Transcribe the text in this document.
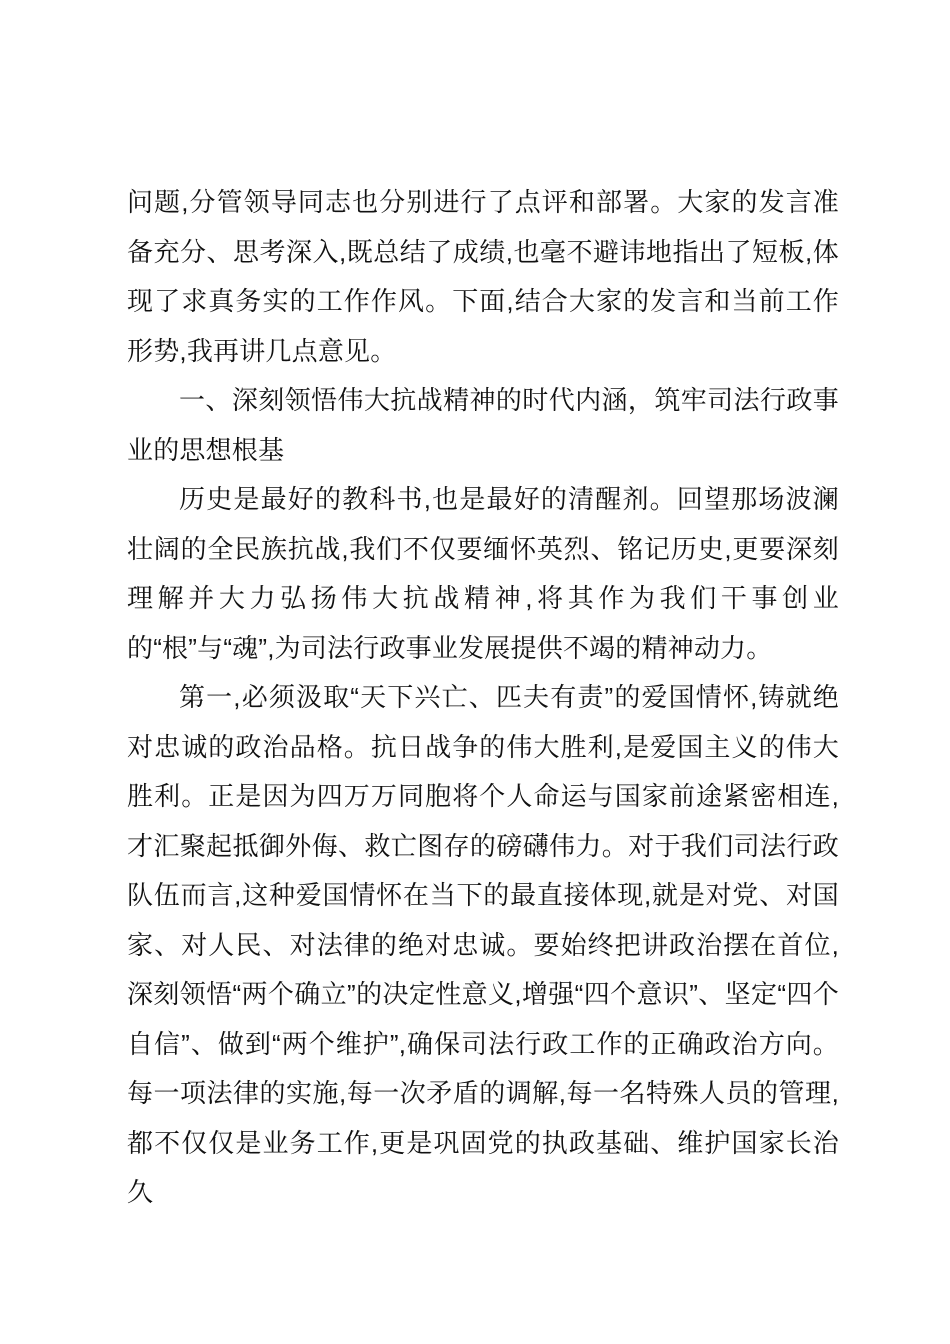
问题,分管领导同志也分别进行了点评和部署。大家的发言准备充分、思考深入,既总结了成绩,也毫不避讳地指出了短板,体现了求真务实的工作作风。下面,结合大家的发言和当前工作形势,我再讲几点意见。

一、深刻领悟伟大抗战精神的时代内涵，筑牢司法行政事业的思想根基

历史是最好的教科书,也是最好的清醒剂。回望那场波澜壮阔的全民族抗战,我们不仅要缅怀英烈、铭记历史,更要深刻理解并大力弘扬伟大抗战精神,将其作为我们干事创业的“根”与“魂”,为司法行政事业发展提供不竭的精神动力。

第一,必须汲取“天下兴亡、匹夫有责”的爱国情怀,铸就绝对忠诚的政治品格。抗日战争的伟大胜利,是爱国主义的伟大胜利。正是因为四万万同胞将个人命运与国家前途紧密相连,才汇聚起抵御外侮、救亡图存的磅礴伟力。对于我们司法行政队伍而言,这种爱国情怀在当下的最直接体现,就是对党、对国家、对人民、对法律的绝对忠诚。要始终把讲政治摆在首位,深刻领悟“两个确立”的决定性意义,增强“四个意识”、坚定“四个自信”、做到“两个维护”,确保司法行政工作的正确政治方向。每一项法律的实施,每一次矛盾的调解,每一名特殊人员的管理,都不仅仅是业务工作,更是巩固党的执政基础、维护国家长治久
